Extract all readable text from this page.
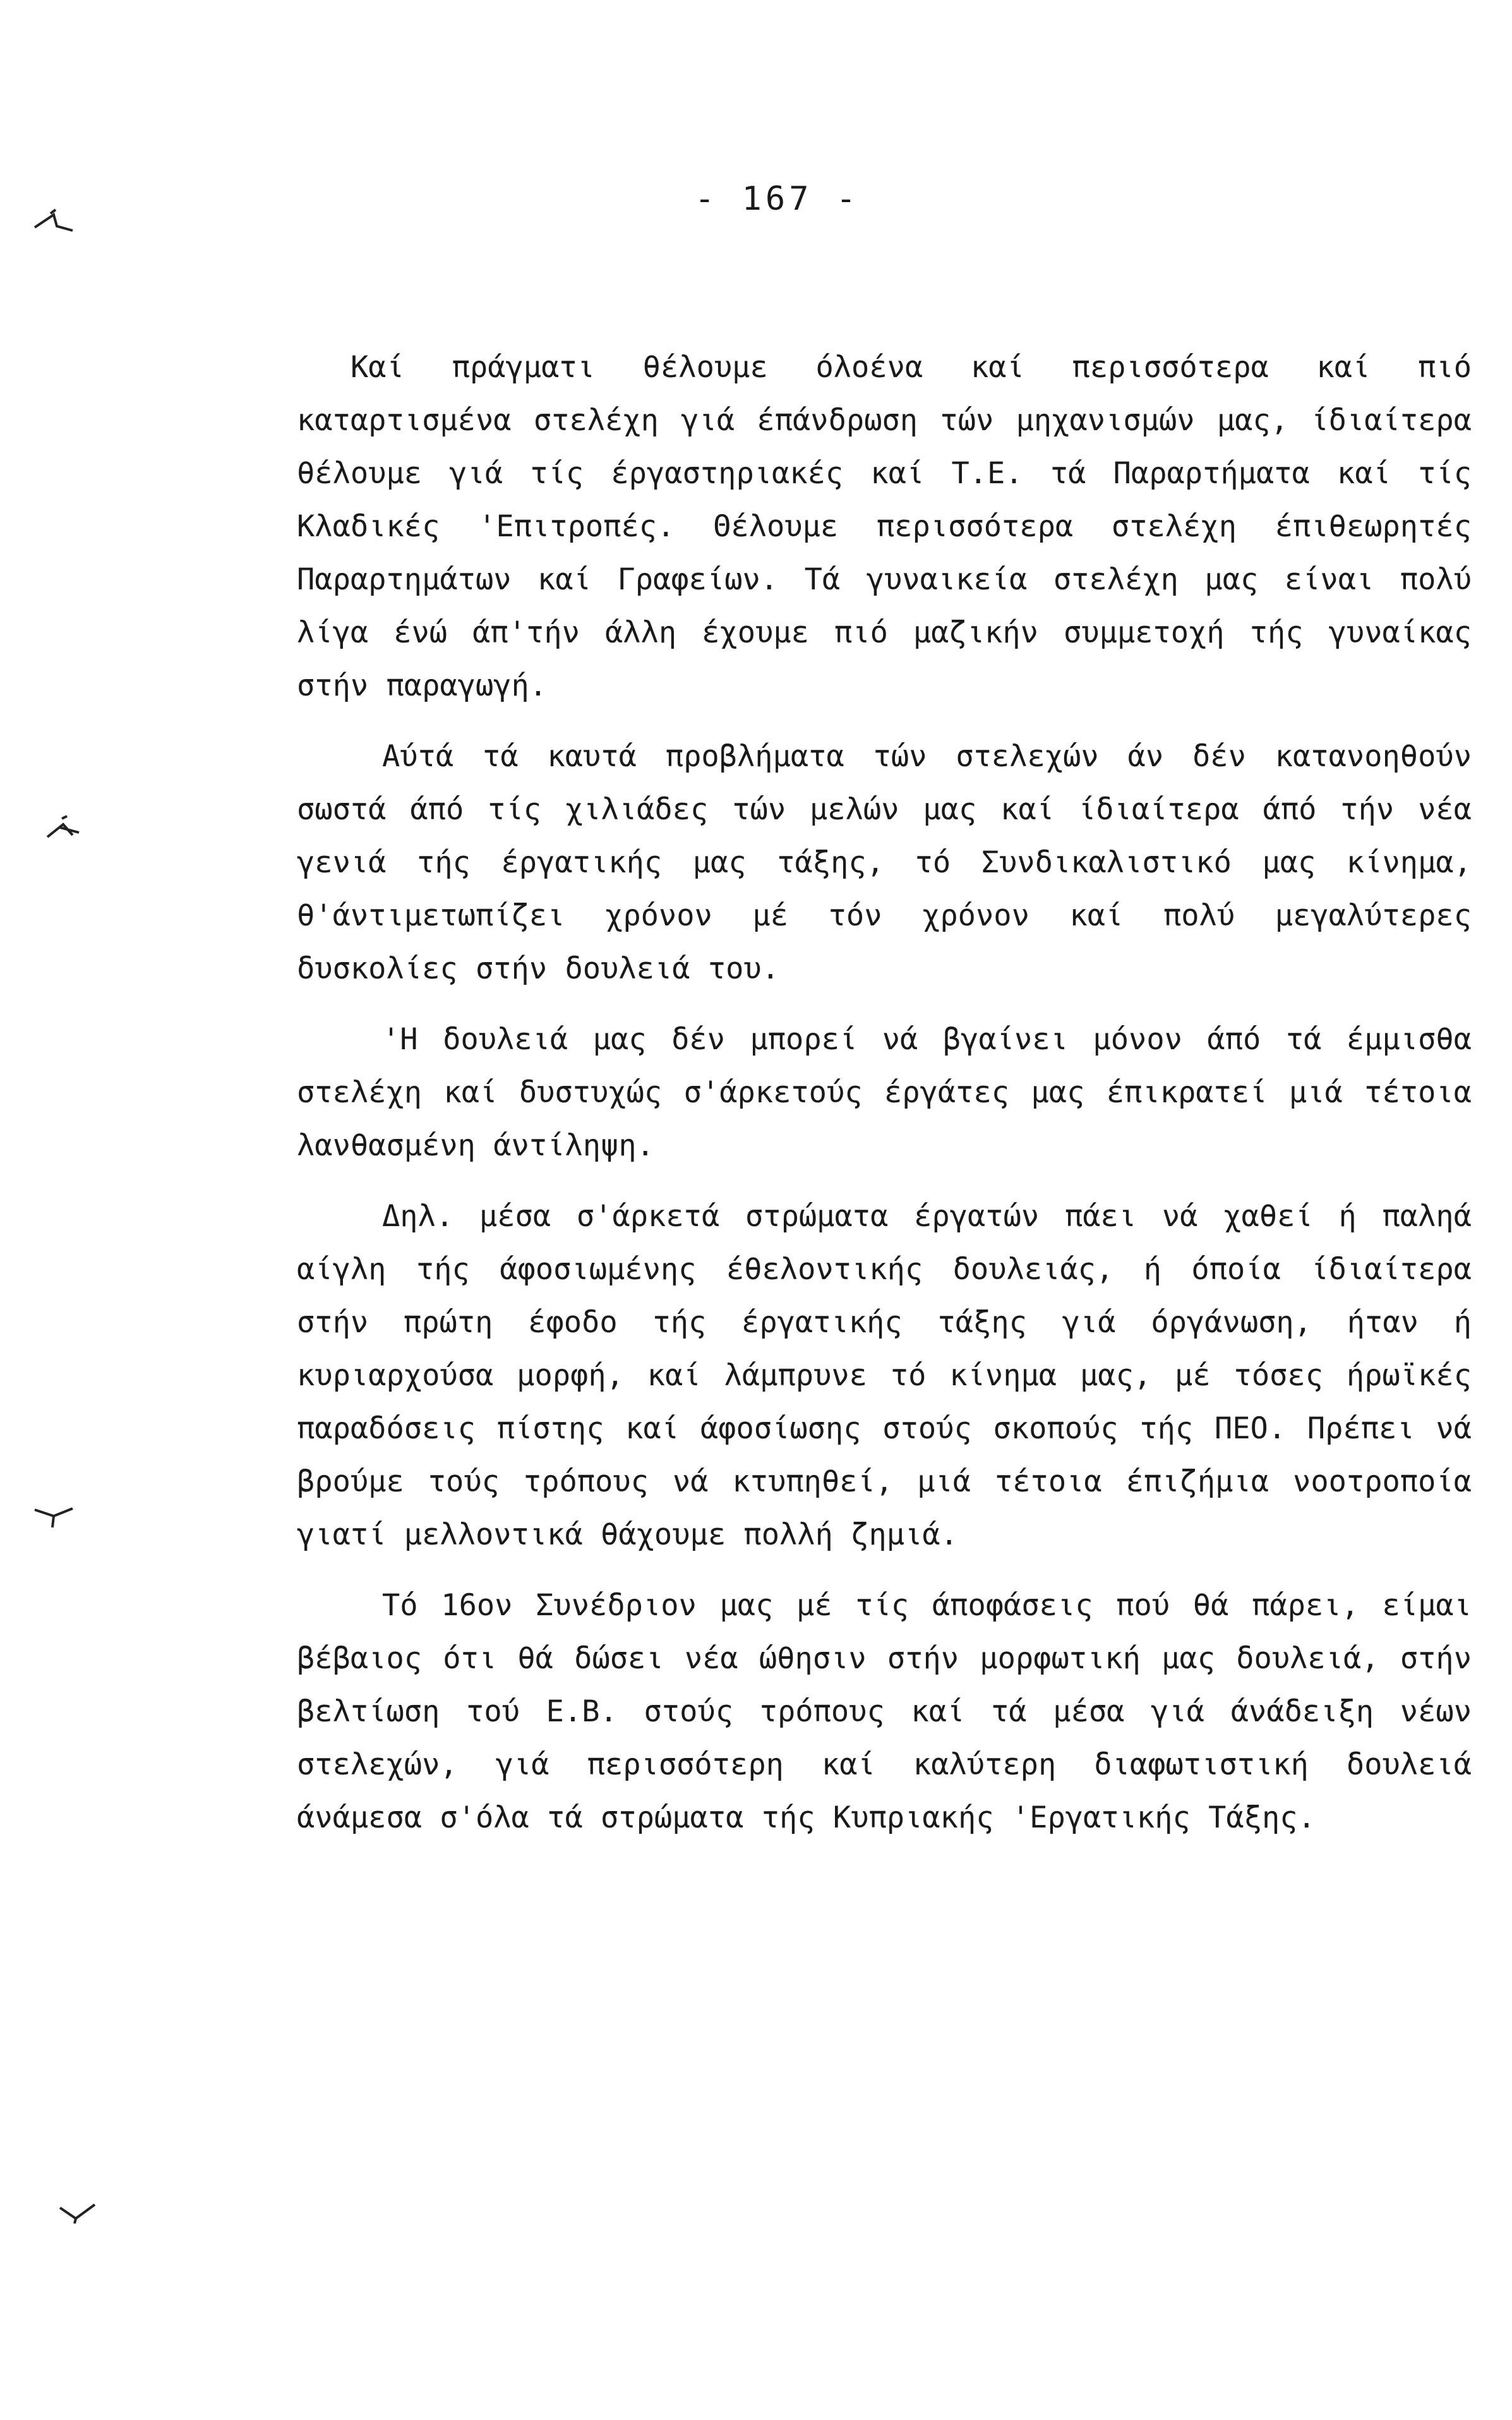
- 167 -

Καί πράγματι θέλουμε όλοένα καί περισσότερα καί πιό καταρτισμένα στελέχη γιά έπάνδρωση τών μηχανισμών μας, ίδιαίτερα θέλουμε γιά τίς έργαστηριακές καί Τ.Ε. τά Παραρτήματα καί τίς Κλαδικές 'Επιτροπές. Θέλουμε περισσότερα στελέχη έπιθεωρητές Παραρτημάτων καί Γραφείων. Τά γυναικεία στελέχη μας είναι πολύ λίγα ένώ άπ'τήν άλλη έχουμε πιό μαζικήν συμμετοχή τής γυναίκας στήν παραγωγή.

Αύτά τά καυτά προβλήματα τών στελεχών άν δέν κατανοηθούν σωστά άπό τίς χιλιάδες τών μελών μας καί ίδιαίτερα άπό τήν νέα γενιά τής έργατικής μας τάξης, τό Συνδικαλιστικό μας κίνημα, θ'άντιμετωπίζει χρόνον μέ τόν χρόνον καί πολύ μεγαλύτερες δυσκολίες στήν δουλειά του.

'Η δουλειά μας δέν μπορεί νά βγαίνει μόνον άπό τά έμμισθα στελέχη καί δυστυχώς σ'άρκετούς έργάτες μας έπικρατεί μιά τέτοια λανθασμένη άντίληψη.

Δηλ. μέσα σ'άρκετά στρώματα έργατών πάει νά χαθεί ή παληά αίγλη τής άφοσιωμένης έθελοντικής δουλειάς, ή όποία ίδιαίτερα στήν πρώτη έφοδο τής έργατικής τάξης γιά όργάνωση, ήταν ή κυριαρχούσα μορφή, καί λάμπρυνε τό κίνημα μας, μέ τόσες ήρωϊκές παραδόσεις πίστης καί άφοσίωσης στούς σκοπούς τής ΠΕΟ. Πρέπει νά βρούμε τούς τρόπους νά κτυπηθεί, μιά τέτοια έπιζήμια νοοτροποία γιατί μελλοντικά θάχουμε πολλή ζημιά.

Τό 16ον Συνέδριον μας μέ τίς άποφάσεις πού θά πάρει, είμαι βέβαιος ότι θά δώσει νέα ώθησιν στήν μορφωτική μας δουλειά, στήν βελτίωση τού Ε.Β. στούς τρόπους καί τά μέσα γιά άνάδειξη νέων στελεχών, γιά περισσότερη καί καλύτερη διαφωτιστική δουλειά άνάμεσα σ'όλα τά στρώματα τής Κυπριακής 'Εργατικής Τάξης.
